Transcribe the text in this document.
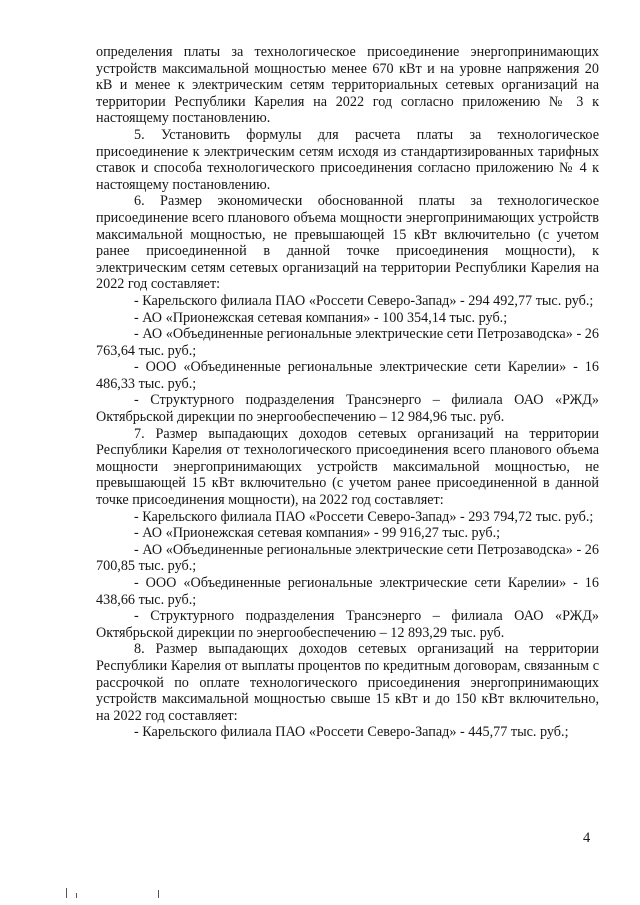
определения платы за технологическое присоединение энергопринимающих устройств максимальной мощностью менее 670 кВт и на уровне напряжения 20 кВ и менее к электрическим сетям территориальных сетевых организаций на территории Республики Карелия на 2022 год согласно приложению № 3 к настоящему постановлению.

5. Установить формулы для расчета платы за технологическое присоединение к электрическим сетям исходя из стандартизированных тарифных ставок и способа технологического присоединения согласно приложению № 4 к настоящему постановлению.

6. Размер экономически обоснованной платы за технологическое присоединение всего планового объема мощности энергопринимающих устройств максимальной мощностью, не превышающей 15 кВт включительно (с учетом ранее присоединенной в данной точке присоединения мощности), к электрическим сетям сетевых организаций на территории Республики Карелия на 2022 год составляет:

- Карельского филиала ПАО «Россети Северо-Запад» - 294 492,77 тыс. руб.;

- АО «Прионежская сетевая компания» - 100 354,14 тыс. руб.;

- АО «Объединенные региональные электрические сети Петрозаводска» - 26 763,64 тыс. руб.;

- ООО «Объединенные региональные электрические сети Карелии» - 16 486,33 тыс. руб.;

- Структурного подразделения Трансэнерго – филиала ОАО «РЖД» Октябрьской дирекции по энергообеспечению – 12 984,96 тыс. руб.

7. Размер выпадающих доходов сетевых организаций на территории Республики Карелия от технологического присоединения всего планового объема мощности энергопринимающих устройств максимальной мощностью, не превышающей 15 кВт включительно (с учетом ранее присоединенной в данной точке присоединения мощности), на 2022 год составляет:

- Карельского филиала ПАО «Россети Северо-Запад» - 293 794,72 тыс. руб.;

- АО «Прионежская сетевая компания» - 99 916,27 тыс. руб.;

- АО «Объединенные региональные электрические сети Петрозаводска» - 26 700,85 тыс. руб.;

- ООО «Объединенные региональные электрические сети Карелии» - 16 438,66 тыс. руб.;

- Структурного подразделения Трансэнерго – филиала ОАО «РЖД» Октябрьской дирекции по энергообеспечению – 12 893,29 тыс. руб.

8. Размер выпадающих доходов сетевых организаций на территории Республики Карелия от выплаты процентов по кредитным договорам, связанным с рассрочкой по оплате технологического присоединения энергопринимающих устройств максимальной мощностью свыше 15 кВт и до 150 кВт включительно, на 2022 год составляет:

- Карельского филиала ПАО «Россети Северо-Запад» - 445,77 тыс. руб.;

4
